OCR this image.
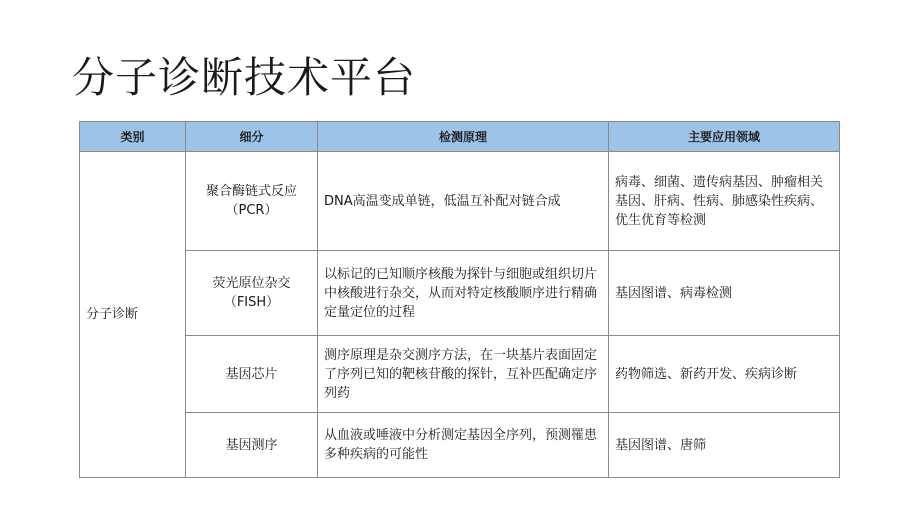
分子诊断技术平台
类别	细分	检测原理	主要应用领域
分子诊断	聚合酶链式反应（PCR）	DNA高温变成单链，低温互补配对链合成	病毒、细菌、遗传病基因、肿瘤相关基因、肝病、性病、肺感染性疾病、优生优育等检测
	荧光原位杂交（FISH）	以标记的已知顺序核酸为探针与细胞或组织切片中核酸进行杂交，从而对特定核酸顺序进行精确定量定位的过程	基因图谱、病毒检测
	基因芯片	测序原理是杂交测序方法，在一块基片表面固定了序列已知的靶核苷酸的探针，互补匹配确定序列药	药物筛选、新药开发、疾病诊断
	基因测序	从血液或唾液中分析测定基因全序列，预测罹患多种疾病的可能性	基因图谱、唐筛
